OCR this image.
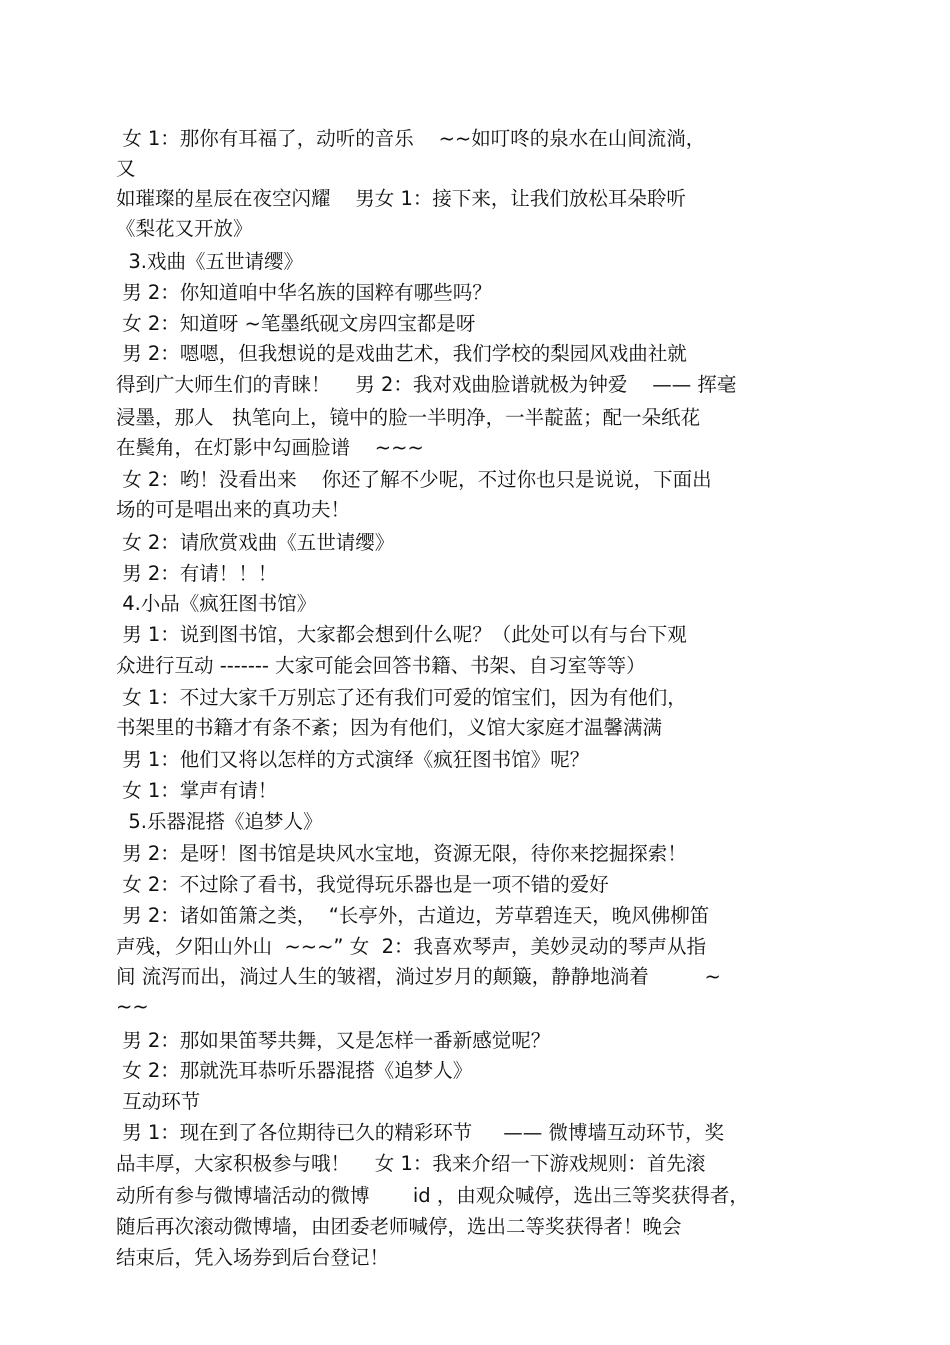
女 1：那你有耳福了，动听的音乐    ~~如叮咚的泉水在山间流淌，
又
如璀璨的星辰在夜空闪耀    男女 1：接下来，让我们放松耳朵聆听
《梨花又开放》
3.戏曲《五世请缨》
男 2：你知道咱中华名族的国粹有哪些吗？
女 2：知道呀 ~笔墨纸砚文房四宝都是呀
男 2：嗯嗯，但我想说的是戏曲艺术，我们学校的梨园风戏曲社就
得到广大师生们的青睐！    男 2：我对戏曲脸谱就极为钟爱    —— 挥毫
浸墨，那人   执笔向上，镜中的脸一半明净，一半靛蓝；配一朵纸花
在鬓角，在灯影中勾画脸谱    ~~~
女 2：哟！没看出来    你还了解不少呢，不过你也只是说说，下面出
场的可是唱出来的真功夫！
女 2：请欣赏戏曲《五世请缨》
男 2：有请！！！
4.小品《疯狂图书馆》
男 1：说到图书馆，大家都会想到什么呢？（此处可以有与台下观
众进行互动 ------- 大家可能会回答书籍、书架、自习室等等）
女 1：不过大家千万别忘了还有我们可爱的馆宝们，因为有他们，
书架里的书籍才有条不紊；因为有他们，义馆大家庭才温馨满满
男 1：他们又将以怎样的方式演绎《疯狂图书馆》呢？
女 1：掌声有请！
5.乐器混搭《追梦人》
男 2：是呀！图书馆是块风水宝地，资源无限，待你来挖掘探索！
女 2：不过除了看书，我觉得玩乐器也是一项不错的爱好
男 2：诸如笛箫之类，  “长亭外，古道边，芳草碧连天，晚风佛柳笛
声残，夕阳山外山  ~~~” 女  2：我喜欢琴声，美妙灵动的琴声从指
间 流泻而出，淌过人生的皱褶，淌过岁月的颠簸，静静地淌着         ~
~~
男 2：那如果笛琴共舞，又是怎样一番新感觉呢？
女 2：那就洗耳恭听乐器混搭《追梦人》
互动环节
男 1：现在到了各位期待已久的精彩环节     —— 微博墙互动环节，奖
品丰厚，大家积极参与哦！    女 1：我来介绍一下游戏规则：首先滚
动所有参与微博墙活动的微博       id ，由观众喊停，选出三等奖获得者，
随后再次滚动微博墙，由团委老师喊停，选出二等奖获得者！晚会
结束后，凭入场券到后台登记！
